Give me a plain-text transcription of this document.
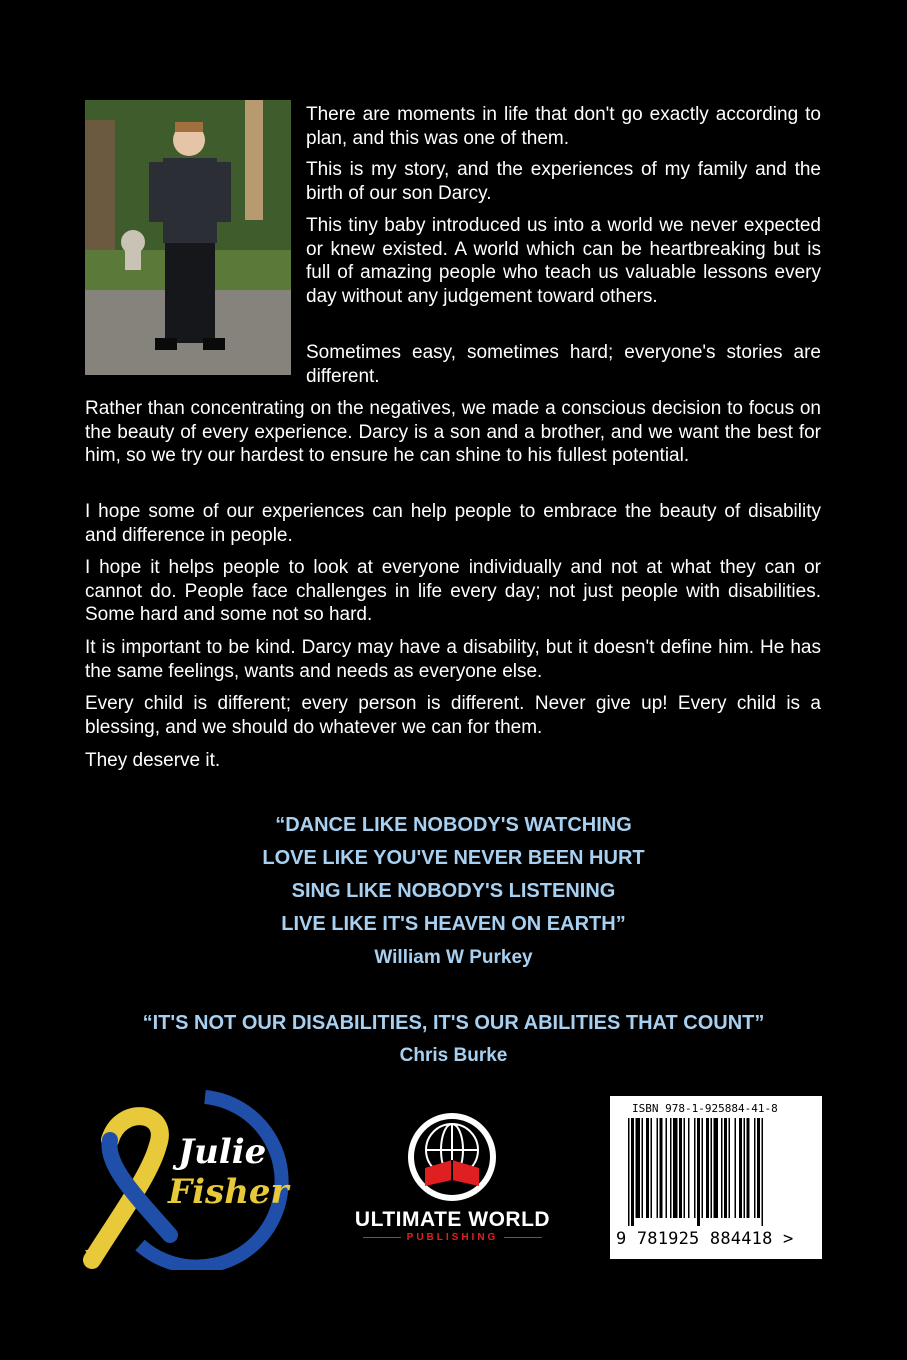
There are moments in life that don't go exactly according to plan, and this was one of them.

This is my story, and the experiences of my family and the birth of our son Darcy.

This tiny baby introduced us into a world we never expected or knew existed. A world which can be heartbreaking but is full of amazing people who teach us valuable lessons every day without any judgement toward others.

Sometimes easy, sometimes hard; everyone's stories are different.

Rather than concentrating on the negatives, we made a conscious decision to focus on the beauty of every experience. Darcy is a son and a brother, and we want the best for him, so we try our hardest to ensure he can shine to his fullest potential.

I hope some of our experiences can help people to embrace the beauty of disability and difference in people.

I hope it helps people to look at everyone individually and not at what they can or cannot do. People face challenges in life every day; not just people with disabilities. Some hard and some not so hard.

It is important to be kind. Darcy may have a disability, but it doesn't define him. He has the same feelings, wants and needs as everyone else.

Every child is different; every person is different. Never give up! Every child is a blessing, and we should do whatever we can for them.

They deserve it.

“DANCE LIKE NOBODY'S WATCHING

LOVE LIKE YOU'VE NEVER BEEN HURT

SING LIKE NOBODY'S LISTENING

LIVE LIKE IT'S HEAVEN ON EARTH”

William W Purkey

“IT'S NOT OUR DISABILITIES, IT'S OUR ABILITIES THAT COUNT”

Chris Burke

Julie
Fisher
ULTIMATE WORLD
PUBLISHING
ISBN 978-1-925884-41-8
9 781925 884418 >
